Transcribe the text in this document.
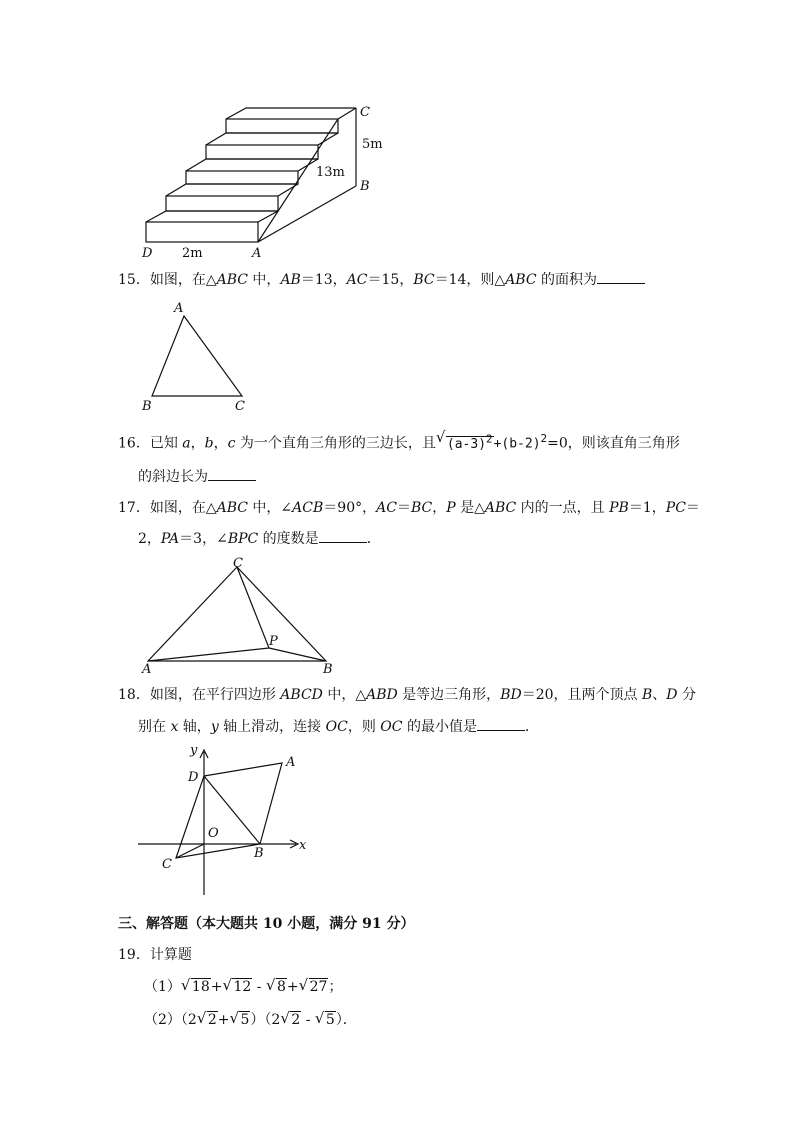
C
5m
13m
B
D 2m	A
15．如图，在△ABC 中，AB＝13，AC＝15，BC＝14，则△ABC 的面积为
A
B	C
16．已知 a，b，c 为一个直角三角形的三边长，且 √ $(a-3)^2+(b-2)^2=0$，则该直角三角形
的斜边长为
17．如图，在△ABC 中，∠ACB＝90°，AC＝BC，P 是△ABC 内的一点，且 PB＝1，PC＝
2，PA＝3，∠BPC 的度数是	．
C
P
A	B
18．如图，在平行四边形 ABCD 中，△ABD 是等边三角形，BD＝20，且两个顶点 B、D 分
别在 x 轴，y 轴上滑动，连接 OC，则 OC 的最小值是	．
y
x
D
A
O
B
C
三、解答题（本大题共 10 小题，满分 91 分）
19．计算题
（1） √ 18+ √ 12 - √ 8+ √ 27；
（2）（2 √ 2+ √ 5）（2 √ 2 - √ 5）．
